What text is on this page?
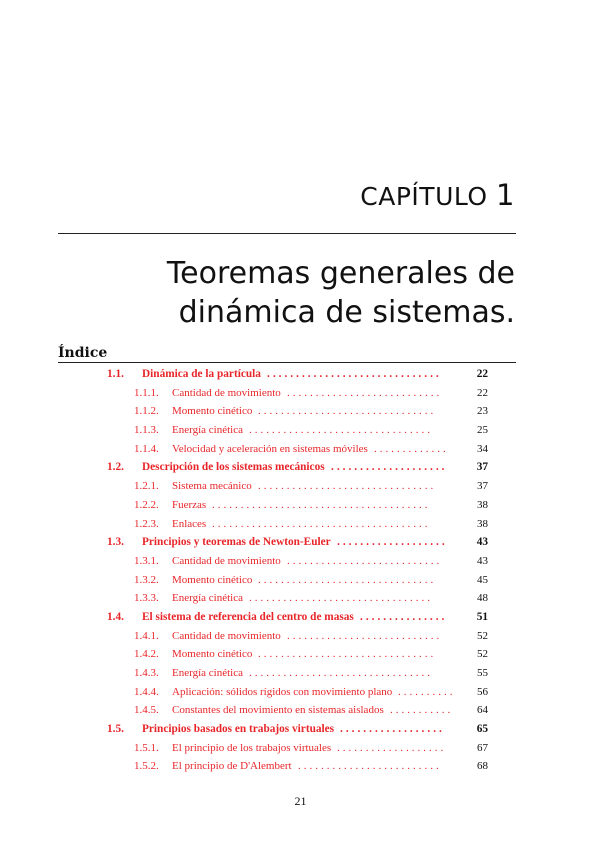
CAPÍTULO 1
Teoremas generales de
dinámica de sistemas.
Índice
1.1. Dinámica de la partícula ..............................	22
1.1.1. Cantidad de movimiento ...........................	22
1.1.2. Momento cinético ...............................	23
1.1.3. Energía cinética ................................	25
1.1.4. Velocidad y aceleración en sistemas móviles .............	34
1.2. Descripción de los sistemas mecánicos ....................	37
1.2.1. Sistema mecánico ...............................	37
1.2.2. Fuerzas ......................................	38
1.2.3. Enlaces ......................................	38
1.3. Principios y teoremas de Newton-Euler ...................	43
1.3.1. Cantidad de movimiento ...........................	43
1.3.2. Momento cinético ...............................	45
1.3.3. Energía cinética ................................	48
1.4. El sistema de referencia del centro de masas ...............	51
1.4.1. Cantidad de movimiento ...........................	52
1.4.2. Momento cinético ...............................	52
1.4.3. Energía cinética ................................	55
1.4.4. Aplicación: sólidos rígidos con movimiento plano ..........	56
1.4.5. Constantes del movimiento en sistemas aislados ...........	64
1.5. Principios basados en trabajos virtuales ..................	65
1.5.1. El principio de los trabajos virtuales ...................	67
1.5.2. El principio de D'Alembert .........................	68
21
